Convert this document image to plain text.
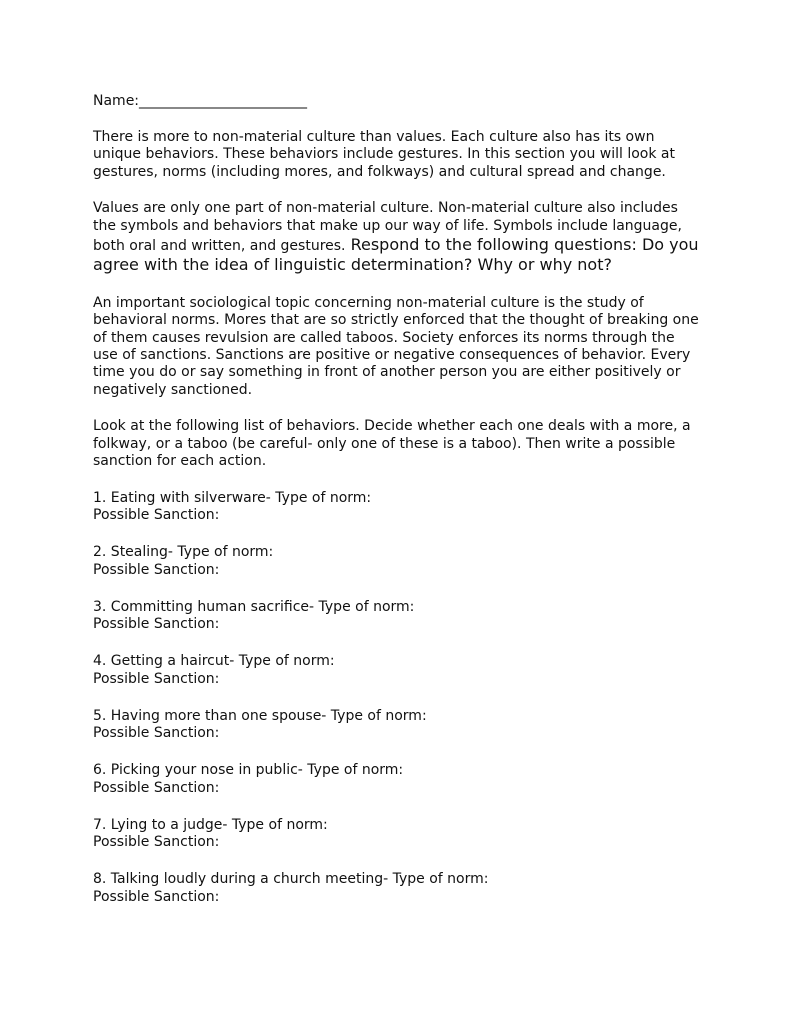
Name:________________________

There is more to non-material culture than values. Each culture also has its own unique behaviors. These behaviors include gestures. In this section you will look at gestures, norms (including mores, and folkways) and cultural spread and change.

Values are only one part of non-material culture. Non-material culture also includes the symbols and behaviors that make up our way of life. Symbols include language, both oral and written, and gestures. Respond to the following questions: Do you agree with the idea of linguistic determination? Why or why not?

An important sociological topic concerning non-material culture is the study of behavioral norms. Mores that are so strictly enforced that the thought of breaking one of them causes revulsion are called taboos. Society enforces its norms through the use of sanctions. Sanctions are positive or negative consequences of behavior. Every time you do or say something in front of another person you are either positively or negatively sanctioned.

Look at the following list of behaviors. Decide whether each one deals with a more, a folkway, or a taboo (be careful- only one of these is a taboo). Then write a possible sanction for each action.

1. Eating with silverware- Type of norm:
Possible Sanction:
2. Stealing- Type of norm:
Possible Sanction:
3. Committing human sacrifice- Type of norm:
Possible Sanction:
4. Getting a haircut- Type of norm:
Possible Sanction:
5. Having more than one spouse- Type of norm:
Possible Sanction:
6. Picking your nose in public- Type of norm:
Possible Sanction:
7. Lying to a judge- Type of norm:
Possible Sanction:
8. Talking loudly during a church meeting- Type of norm:
Possible Sanction:
